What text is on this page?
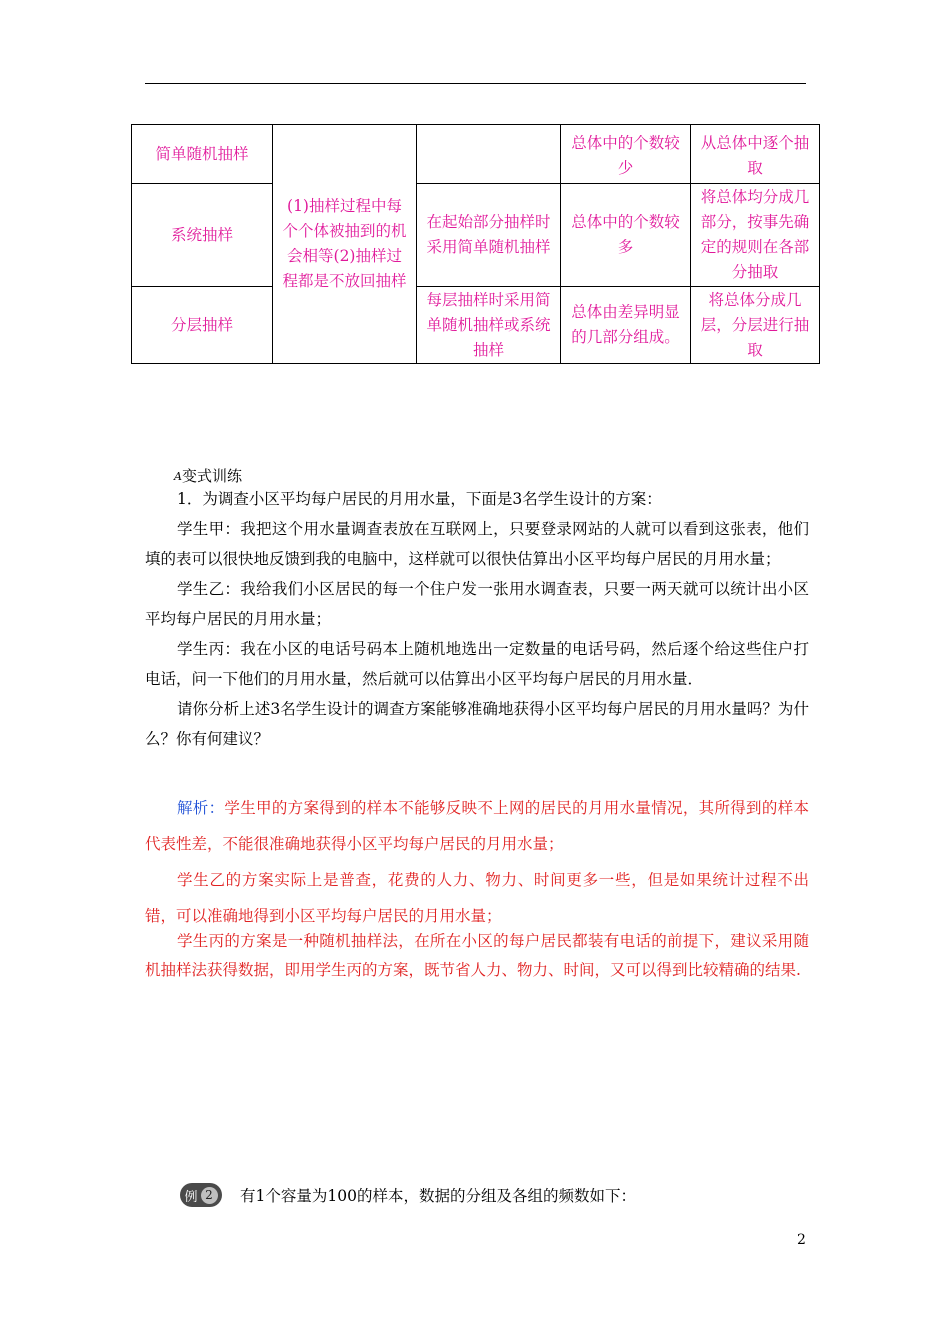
简单随机抽样	(1)抽样过程中每个个体被抽到的机会相等(2)抽样过程都是不放回抽样		总体中的个数较少	从总体中逐个抽取
系统抽样		在起始部分抽样时采用简单随机抽样	总体中的个数较多	将总体均分成几部分，按事先确定的规则在各部分抽取
分层抽样		每层抽样时采用简单随机抽样或系统抽样	总体由差异明显的几部分组成。	将总体分成几层，分层进行抽取
A变式训练

1．为调查小区平均每户居民的月用水量，下面是3名学生设计的方案：

学生甲：我把这个用水量调查表放在互联网上，只要登录网站的人就可以看到这张表，他们填的表可以很快地反馈到我的电脑中，这样就可以很快估算出小区平均每户居民的月用水量；

学生乙：我给我们小区居民的每一个住户发一张用水调查表，只要一两天就可以统计出小区平均每户居民的月用水量；

学生丙：我在小区的电话号码本上随机地选出一定数量的电话号码，然后逐个给这些住户打电话，问一下他们的月用水量，然后就可以估算出小区平均每户居民的月用水量．

请你分析上述3名学生设计的调查方案能够准确地获得小区平均每户居民的月用水量吗？为什么？你有何建议？

解析：学生甲的方案得到的样本不能够反映不上网的居民的月用水量情况，其所得到的样本代表性差，不能很准确地获得小区平均每户居民的月用水量；

学生乙的方案实际上是普查，花费的人力、物力、时间更多一些，但是如果统计过程不出错，可以准确地得到小区平均每户居民的月用水量；

学生丙的方案是一种随机抽样法，在所在小区的每户居民都装有电话的前提下，建议采用随机抽样法获得数据，即用学生丙的方案，既节省人力、物力、时间，又可以得到比较精确的结果.

例 2	有1个容量为100的样本，数据的分组及各组的频数如下：
2
